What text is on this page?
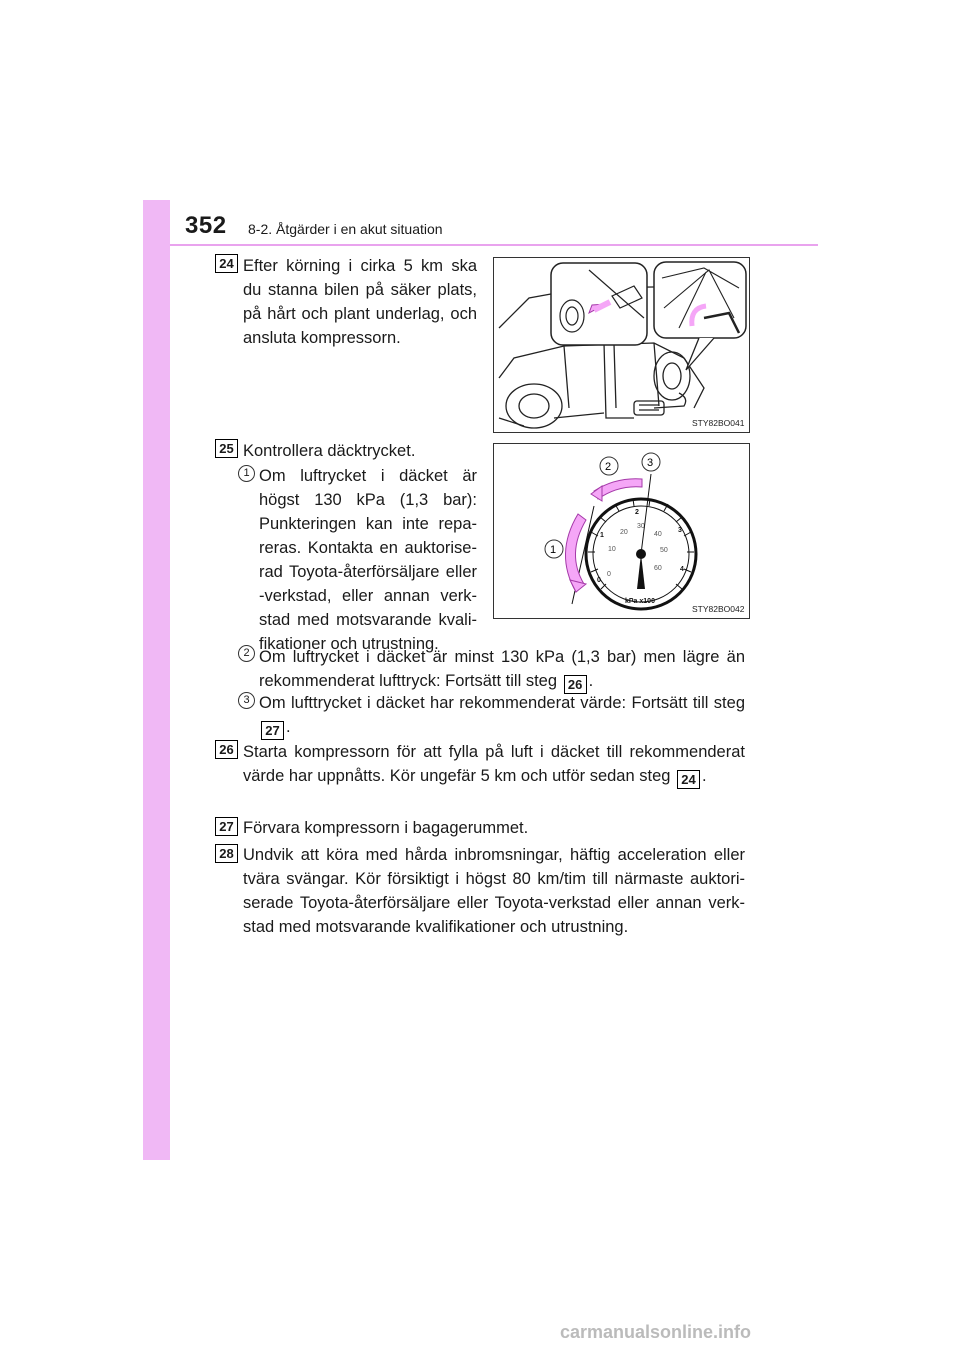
352 8-2. Åtgärder i en akut situation
24 Efter körning i cirka 5 km ska du stanna bilen på säker plats, på hårt och plant underlag, och ansluta kompressorn.
STY82BO041
25 Kontrollera däcktrycket.
1 Om luftrycket i däcket är högst 130 kPa (1,3 bar): Punkteringen kan inte repareras. Kontakta en auktoriserad Toyota-återförsäljare eller -verkstad, eller annan verkstad med motsvarande kvalifikationer och utrustning.
0
10
20
30
40
50
60
0
1
2
3
4
kPa x100
1
2	3
STY82BO042
2 Om luftrycket i däcket är minst 130 kPa (1,3 bar) men lägre än rekommenderat lufttryck: Fortsätt till steg 26 .
3 Om lufttrycket i däcket har rekommenderat värde: Fortsätt till steg 27 .
26 Starta kompressorn för att fylla på luft i däcket till rekommenderat värde har uppnåtts. Kör ungefär 5 km och utför sedan steg 24 .
27 Förvara kompressorn i bagagerummet.
28 Undvik att köra med hårda inbromsningar, häftig acceleration eller tvära svängar. Kör försiktigt i högst 80 km/tim till närmaste auktoriserade Toyota-återförsäljare eller Toyota-verkstad eller annan verkstad med motsvarande kvalifikationer och utrustning.
carmanualsonline.info
